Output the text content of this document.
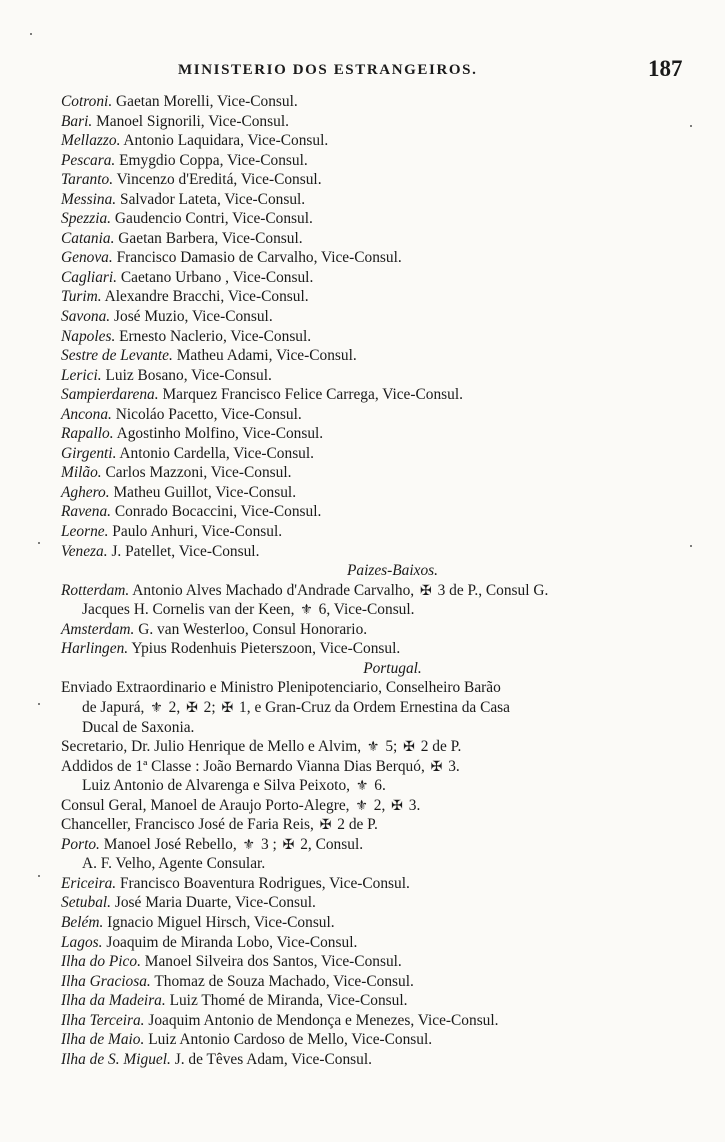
MINISTERIO DOS ESTRANGEIROS.	187
Cotroni. Gaetan Morelli, Vice-Consul.
Bari. Manoel Signorili, Vice-Consul.
Mellazzo. Antonio Laquidara, Vice-Consul.
Pescara. Emygdio Coppa, Vice-Consul.
Taranto. Vincenzo d'Ereditá, Vice-Consul.
Messina. Salvador Lateta, Vice-Consul.
Spezzia. Gaudencio Contri, Vice-Consul.
Catania. Gaetan Barbera, Vice-Consul.
Genova. Francisco Damasio de Carvalho, Vice-Consul.
Cagliari. Caetano Urbano , Vice-Consul.
Turim. Alexandre Bracchi, Vice-Consul.
Savona. José Muzio, Vice-Consul.
Napoles. Ernesto Naclerio, Vice-Consul.
Sestre de Levante. Matheu Adami, Vice-Consul.
Lerici. Luiz Bosano, Vice-Consul.
Sampierdarena. Marquez Francisco Felice Carrega, Vice-Consul.
Ancona. Nicoláo Pacetto, Vice-Consul.
Rapallo. Agostinho Molfino, Vice-Consul.
Girgenti. Antonio Cardella, Vice-Consul.
Milão. Carlos Mazzoni, Vice-Consul.
Aghero. Matheu Guillot, Vice-Consul.
Ravena. Conrado Bocaccini, Vice-Consul.
Leorne. Paulo Anhuri, Vice-Consul.
Veneza. J. Patellet, Vice-Consul.
Paizes-Baixos.
Rotterdam. Antonio Alves Machado d'Andrade Carvalho, ✠ 3 de P., Consul G.
Jacques H. Cornelis van der Keen, ⚜ 6, Vice-Consul.
Amsterdam. G. van Westerloo, Consul Honorario.
Harlingen. Ypius Rodenhuis Pieterszoon, Vice-Consul.
Portugal.
Enviado Extraordinario e Ministro Plenipotenciario, Conselheiro Barão
de Japurá, ⚜ 2, ✠ 2; ✠ 1, e Gran-Cruz da Ordem Ernestina da Casa
Ducal de Saxonia.
Secretario, Dr. Julio Henrique de Mello e Alvim, ⚜ 5; ✠ 2 de P.
Addidos de 1ª Classe : João Bernardo Vianna Dias Berquó, ✠ 3.
Luiz Antonio de Alvarenga e Silva Peixoto, ⚜ 6.
Consul Geral, Manoel de Araujo Porto-Alegre, ⚜ 2, ✠ 3.
Chanceller, Francisco José de Faria Reis, ✠ 2 de P.
Porto. Manoel José Rebello, ⚜ 3 ; ✠ 2, Consul.
A. F. Velho, Agente Consular.
Ericeira. Francisco Boaventura Rodrigues, Vice-Consul.
Setubal. José Maria Duarte, Vice-Consul.
Belém. Ignacio Miguel Hirsch, Vice-Consul.
Lagos. Joaquim de Miranda Lobo, Vice-Consul.
Ilha do Pico. Manoel Silveira dos Santos, Vice-Consul.
Ilha Graciosa. Thomaz de Souza Machado, Vice-Consul.
Ilha da Madeira. Luiz Thomé de Miranda, Vice-Consul.
Ilha Terceira. Joaquim Antonio de Mendonça e Menezes, Vice-Consul.
Ilha de Maio. Luiz Antonio Cardoso de Mello, Vice-Consul.
Ilha de S. Miguel. J. de Têves Adam, Vice-Consul.
